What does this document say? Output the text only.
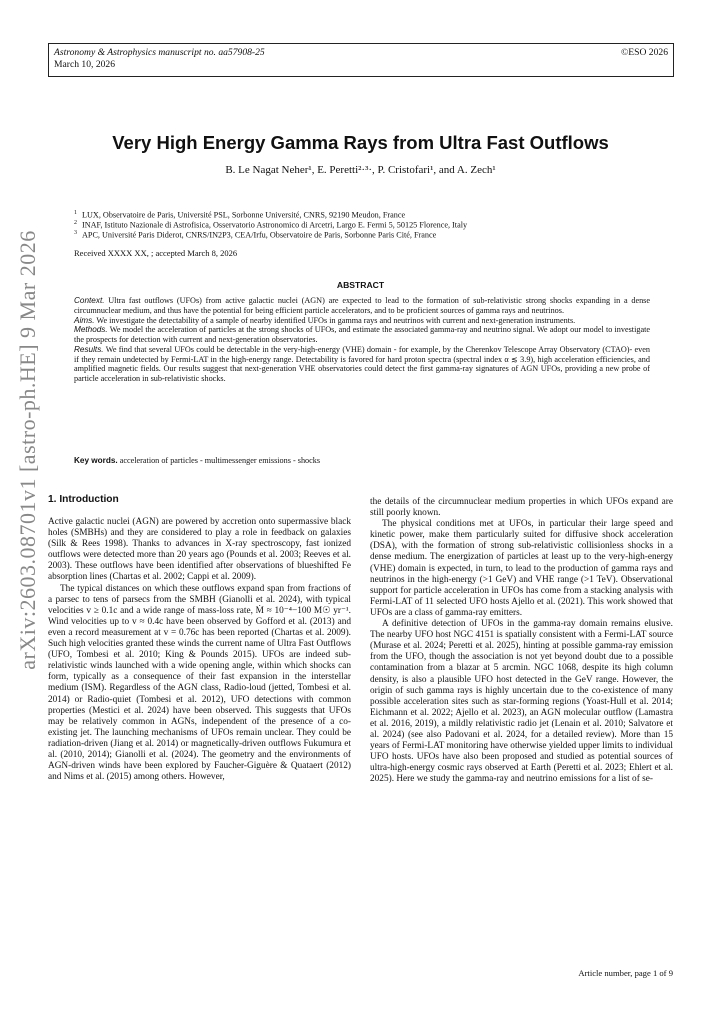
Astronomy & Astrophysics manuscript no. aa57908-25
March 10, 2026
©ESO 2026
arXiv:2603.08701v1 [astro-ph.HE] 9 Mar 2026
Very High Energy Gamma Rays from Ultra Fast Outflows
B. Le Nagat Neher¹, E. Peretti²·³·, P. Cristofari¹, and A. Zech¹
$^1$ LUX, Observatoire de Paris, Université PSL, Sorbonne Université, CNRS, 92190 Meudon, France
$^2$ INAF, Istituto Nazionale di Astrofisica, Osservatorio Astronomico di Arcetri, Largo E. Fermi 5, 50125 Florence, Italy
$^3$ APC, Université Paris Diderot, CNRS/IN2P3, CEA/Irfu, Observatoire de Paris, Sorbonne Paris Cité, France
Received XXXX XX, ; accepted March 8, 2026
ABSTRACT

Context. Ultra fast outflows (UFOs) from active galactic nuclei (AGN) are expected to lead to the formation of sub-relativistic strong shocks expanding in a dense circumnuclear medium, and thus have the potential for being efficient particle accelerators, and to be proficient sources of gamma rays and neutrinos.

Aims. We investigate the detectability of a sample of nearby identified UFOs in gamma rays and neutrinos with current and next-generation instruments.

Methods. We model the acceleration of particles at the strong shocks of UFOs, and estimate the associated gamma-ray and neutrino signal. We adopt our model to investigate the prospects for detection with current and next-generation observatories.

Results. We find that several UFOs could be detectable in the very-high-energy (VHE) domain - for example, by the Cherenkov Telescope Array Observatory (CTAO)- even if they remain undetected by Fermi-LAT in the high-energy range. Detectability is favored for hard proton spectra (spectral index α ≲ 3.9), high acceleration efficiencies, and amplified magnetic fields. Our results suggest that next-generation VHE observatories could detect the first gamma-ray signatures of AGN UFOs, providing a new probe of particle acceleration in sub-relativistic shocks.

Key words. acceleration of particles - multimessenger emissions - shocks
1. Introduction

Active galactic nuclei (AGN) are powered by accretion onto supermassive black holes (SMBHs) and they are considered to play a role in feedback on galaxies (Silk & Rees 1998). Thanks to advances in X-ray spectroscopy, fast ionized outflows were detected more than 20 years ago (Pounds et al. 2003; Reeves et al. 2003). These outflows have been identified after observations of blueshifted Fe absorption lines (Chartas et al. 2002; Cappi et al. 2009).

The typical distances on which these outflows expand span from fractions of a parsec to tens of parsecs from the SMBH (Gianolli et al. 2024), with typical velocities v ≥ 0.1c and a wide range of mass-loss rate, Ṁ ≈ 10⁻⁴−100 M☉ yr⁻¹. Wind velocities up to v ≈ 0.4c have been observed by Gofford et al. (2013) and even a record measurement at v = 0.76c has been reported (Chartas et al. 2009). Such high velocities granted these winds the current name of Ultra Fast Outflows (UFO, Tombesi et al. 2010; King & Pounds 2015). UFOs are indeed sub-relativistic winds launched with a wide opening angle, within which shocks can form, typically as a consequence of their fast expansion in the interstellar medium (ISM). Regardless of the AGN class, Radio-loud (jetted, Tombesi et al. 2014) or Radio-quiet (Tombesi et al. 2012), UFO detections with common properties (Mestici et al. 2024) have been observed. This suggests that UFOs may be relatively common in AGNs, independent of the presence of a co-existing jet. The launching mechanisms of UFOs remain unclear. They could be radiation-driven (Jiang et al. 2014) or magnetically-driven outflows Fukumura et al. (2010, 2014); Gianolli et al. (2024). The geometry and the environments of AGN-driven winds have been explored by Faucher-Giguère & Quataert (2012) and Nims et al. (2015) among others. However,

the details of the circumnuclear medium properties in which UFOs expand are still poorly known.

The physical conditions met at UFOs, in particular their large speed and kinetic power, make them particularly suited for diffusive shock acceleration (DSA), with the formation of strong sub-relativistic collisionless shocks in a dense medium. The energization of particles at least up to the very-high-energy (VHE) domain is expected, in turn, to lead to the production of gamma rays and neutrinos in the high-energy (>1 GeV) and VHE range (>1 TeV). Observational support for particle acceleration in UFOs has come from a stacking analysis with Fermi-LAT of 11 selected UFO hosts Ajello et al. (2021). This work showed that UFOs are a class of gamma-ray emitters.

A definitive detection of UFOs in the gamma-ray domain remains elusive. The nearby UFO host NGC 4151 is spatially consistent with a Fermi-LAT source (Murase et al. 2024; Peretti et al. 2025), hinting at possible gamma-ray emission from the UFO, though the association is not yet beyond doubt due to a possible contamination from a blazar at 5 arcmin. NGC 1068, despite its high column density, is also a plausible UFO host detected in the GeV range. However, the origin of such gamma rays is highly uncertain due to the co-existence of many possible acceleration sites such as star-forming regions (Yoast-Hull et al. 2014; Eichmann et al. 2022; Ajello et al. 2023), an AGN molecular outflow (Lamastra et al. 2016, 2019), a mildly relativistic radio jet (Lenain et al. 2010; Salvatore et al. 2024) (see also Padovani et al. 2024, for a detailed review). More than 15 years of Fermi-LAT monitoring have otherwise yielded upper limits to individual UFO hosts. UFOs have also been proposed and studied as potential sources of ultra-high-energy cosmic rays observed at Earth (Peretti et al. 2023; Ehlert et al. 2025). Here we study the gamma-ray and neutrino emissions for a list of se-

Article number, page 1 of 9
